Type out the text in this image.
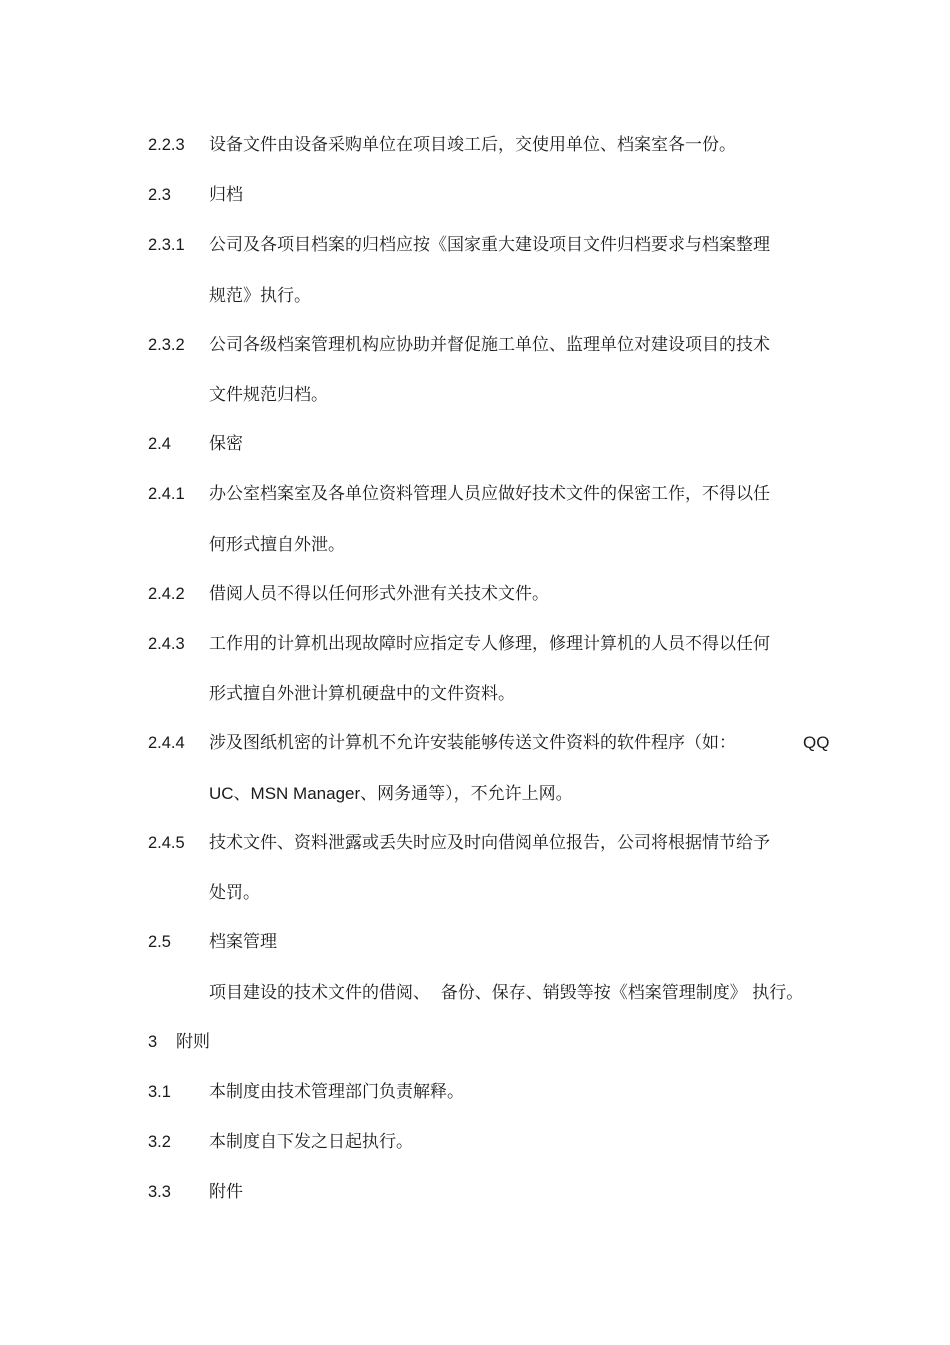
2.2.3 设备文件由设备采购单位在项目竣工后，交使用单位、档案室各一份。
2.3 归档
2.3.1 公司及各项目档案的归档应按《国家重大建设项目文件归档要求与档案整理
规范》执行。
2.3.2 公司各级档案管理机构应协助并督促施工单位、监理单位对建设项目的技术
文件规范归档。
2.4 保密
2.4.1 办公室档案室及各单位资料管理人员应做好技术文件的保密工作，不得以任
何形式擅自外泄。
2.4.2 借阅人员不得以任何形式外泄有关技术文件。
2.4.3 工作用的计算机出现故障时应指定专人修理，修理计算机的人员不得以任何
形式擅自外泄计算机硬盘中的文件资料。
2.4.4 涉及图纸机密的计算机不允许安装能够传送文件资料的软件程序（如：	QQ
UC、MSN Manager、网务通等），不允许上网。
2.4.5 技术文件、资料泄露或丢失时应及时向借阅单位报告，公司将根据情节给予
处罚。
2.5 档案管理
项目建设的技术文件的借阅、  备份、保存、销毁等按《档案管理制度》 执行。
3 附则
3.1 本制度由技术管理部门负责解释。
3.2 本制度自下发之日起执行。
3.3 附件
